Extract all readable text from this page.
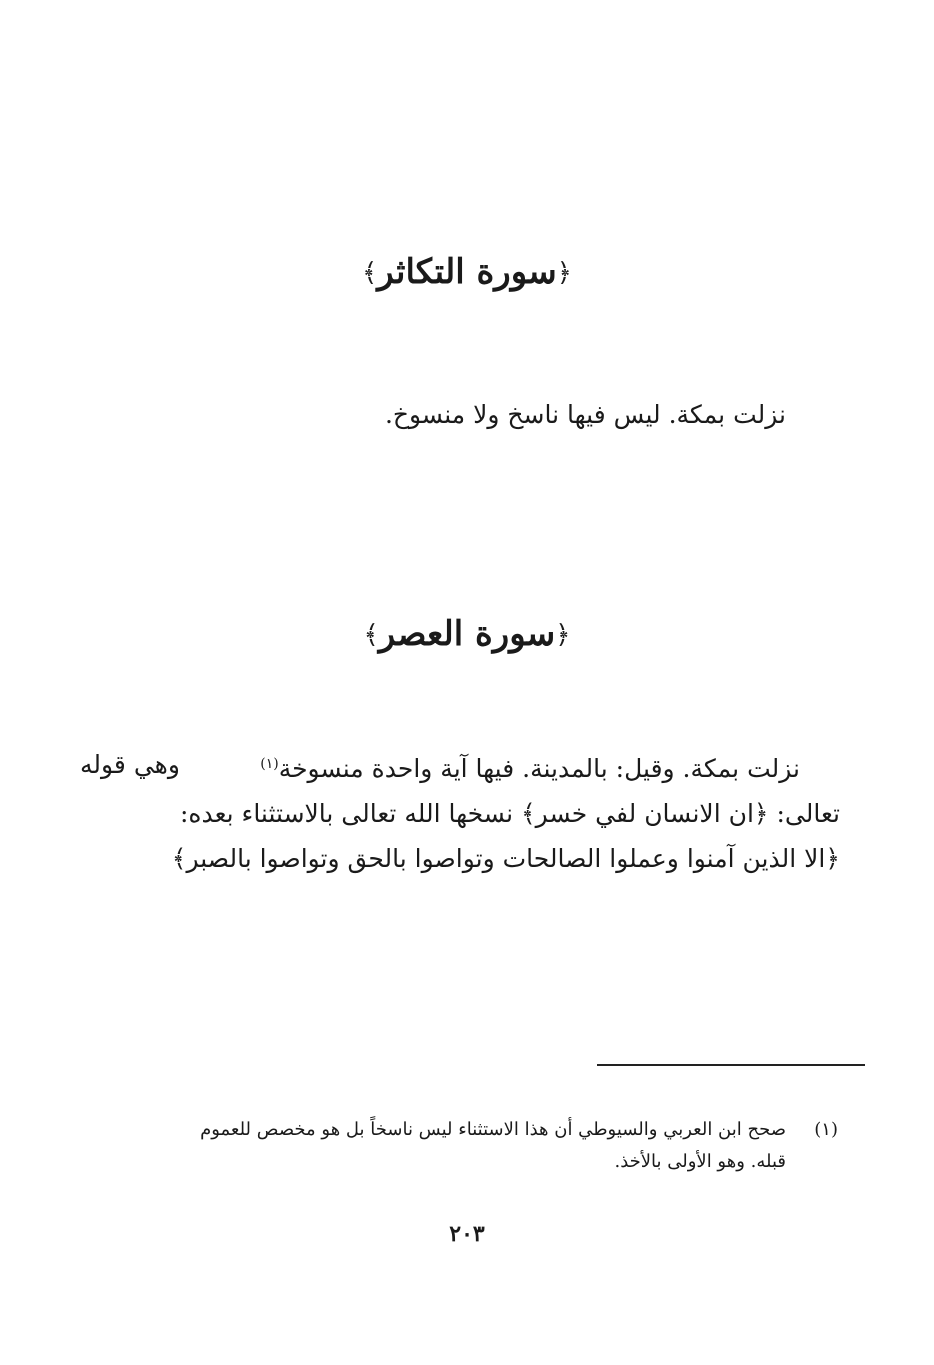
﴿سورة التكاثر﴾
نزلت بمكة. ليس فيها ناسخ ولا منسوخ.
﴿سورة العصر﴾
نزلت بمكة. وقيل: بالمدينة. فيها آية واحدة منسوخة$^{(١)}$
وهي قوله
تعالى: ﴿ان الانسان لفي خسر﴾ نسخها الله تعالى بالاستثناء بعده:
﴿الا الذين آمنوا وعملوا الصالحات وتواصوا بالحق وتواصوا بالصبر﴾
(١)
صحح ابن العربي والسيوطي أن هذا الاستثناء ليس ناسخاً بل هو مخصص للعموم
قبله. وهو الأولى بالأخذ.
٢٠٣
